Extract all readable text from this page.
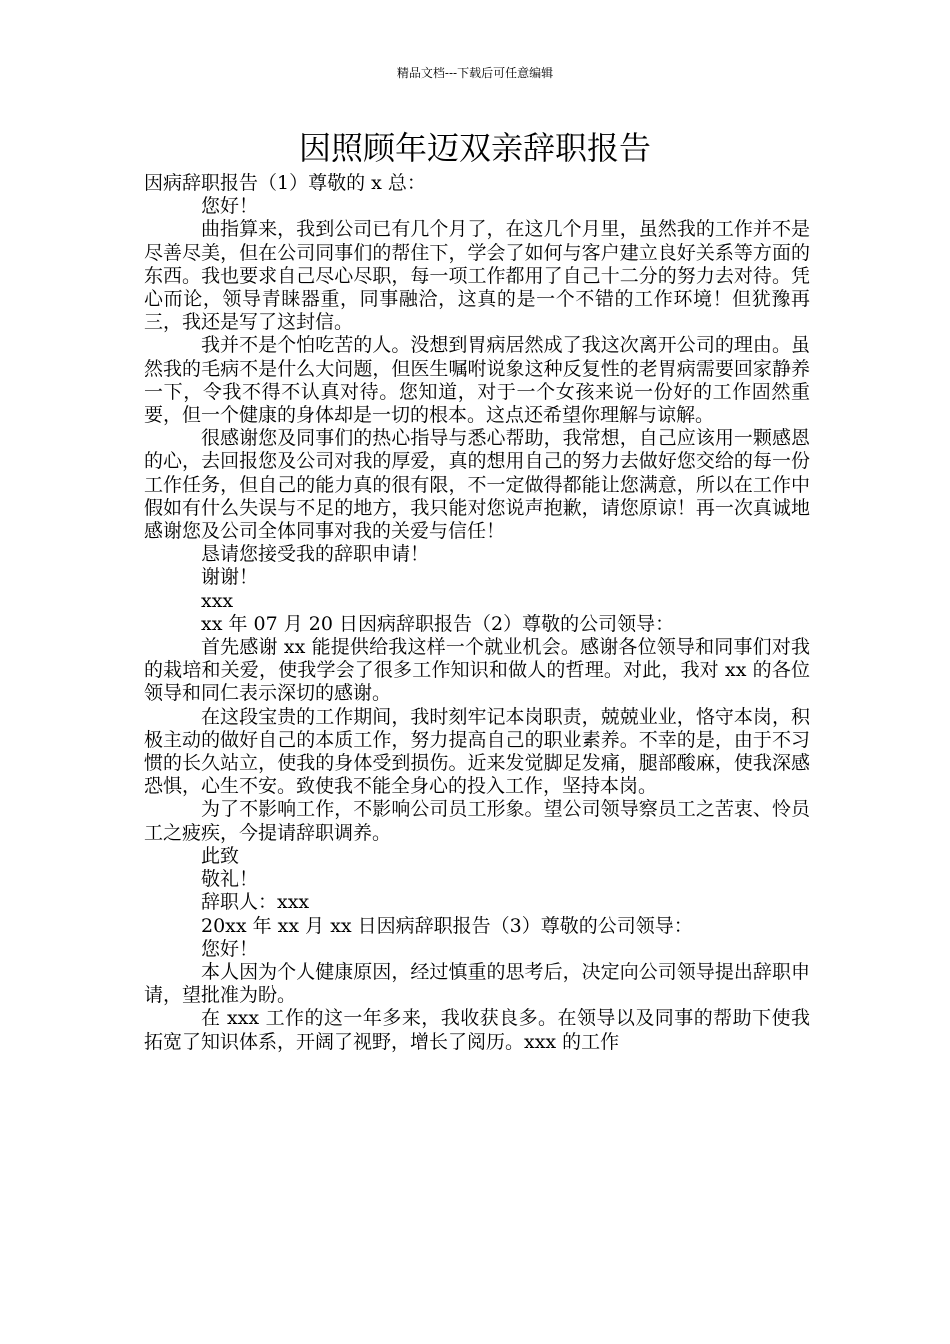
精品文档---下载后可任意编辑
因照顾年迈双亲辞职报告

因病辞职报告（1）尊敬的 x 总：

您好！

曲指算来，我到公司已有几个月了，在这几个月里，虽然我的工作并不是尽善尽美，但在公司同事们的帮住下，学会了如何与客户建立良好关系等方面的东西。我也要求自己尽心尽职，每一项工作都用了自己十二分的努力去对待。凭心而论，领导青睐器重，同事融洽，这真的是一个不错的工作环境！但犹豫再三，我还是写了这封信。

我并不是个怕吃苦的人。没想到胃病居然成了我这次离开公司的理由。虽然我的毛病不是什么大问题，但医生嘱咐说象这种反复性的老胃病需要回家静养一下，令我不得不认真对待。您知道，对于一个女孩来说一份好的工作固然重要，但一个健康的身体却是一切的根本。这点还希望你理解与谅解。

很感谢您及同事们的热心指导与悉心帮助，我常想，自己应该用一颗感恩的心，去回报您及公司对我的厚爱，真的想用自己的努力去做好您交给的每一份工作任务，但自己的能力真的很有限，不一定做得都能让您满意，所以在工作中假如有什么失误与不足的地方，我只能对您说声抱歉，请您原谅！再一次真诚地感谢您及公司全体同事对我的关爱与信任！

恳请您接受我的辞职申请！

谢谢！

xxx

xx 年 07 月 20 日因病辞职报告（2）尊敬的公司领导：

首先感谢 xx 能提供给我这样一个就业机会。感谢各位领导和同事们对我的栽培和关爱，使我学会了很多工作知识和做人的哲理。对此，我对 xx 的各位领导和同仁表示深切的感谢。

在这段宝贵的工作期间，我时刻牢记本岗职责，兢兢业业，恪守本岗，积极主动的做好自己的本质工作，努力提高自己的职业素养。不幸的是，由于不习惯的长久站立，使我的身体受到损伤。近来发觉脚足发痛，腿部酸麻，使我深感恐惧，心生不安。致使我不能全身心的投入工作，坚持本岗。

为了不影响工作，不影响公司员工形象。望公司领导察员工之苦衷、怜员工之疲疾，今提请辞职调养。

此致

敬礼！

辞职人：xxx

20xx 年 xx 月 xx 日因病辞职报告（3）尊敬的公司领导：

您好！

本人因为个人健康原因，经过慎重的思考后，决定向公司领导提出辞职申请，望批准为盼。

在 xxx 工作的这一年多来，我收获良多。在领导以及同事的帮助下使我拓宽了知识体系，开阔了视野，增长了阅历。xxx 的工作
